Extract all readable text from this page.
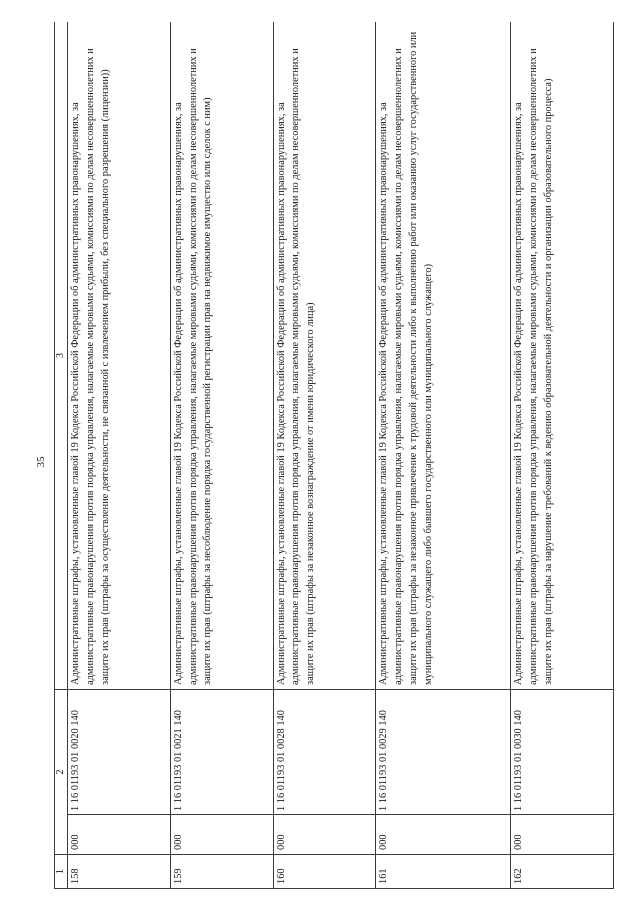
35
1	2		3
158	000	1 16 01193 01 0020 140	Административные штрафы, установленные главой 19 Кодекса Российской Федерации об административных правонарушениях, за административные правонарушения против порядка управления, налагаемые мировыми судьями, комиссиями по делам несовершеннолетних и защите их прав (штрафы за осуществление деятельности, не связанной с извлечением прибыли, без специального разрешения (лицензии))
159	000	1 16 01193 01 0021 140	Административные штрафы, установленные главой 19 Кодекса Российской Федерации об административных правонарушениях, за административные правонарушения против порядка управления, налагаемые мировыми судьями, комиссиями по делам несовершеннолетних и защите их прав (штрафы за несоблюдение порядка государственной регистрации прав на недвижимое имущество или сделок с ним)
160	000	1 16 01193 01 0028 140	Административные штрафы, установленные главой 19 Кодекса Российской Федерации об административных правонарушениях, за административные правонарушения против порядка управления, налагаемые мировыми судьями, комиссиями по делам несовершеннолетних и защите их прав (штрафы за незаконное вознаграждение от имени юридического лица)
161	000	1 16 01193 01 0029 140	Административные штрафы, установленные главой 19 Кодекса Российской Федерации об административных правонарушениях, за административные правонарушения против порядка управления, налагаемые мировыми судьями, комиссиями по делам несовершеннолетних и защите их прав (штрафы за незаконное привлечение к трудовой деятельности либо к выполнению работ или оказанию услуг государственного или муниципального служащего либо бывшего государственного или муниципального служащего)
162	000	1 16 01193 01 0030 140	Административные штрафы, установленные главой 19 Кодекса Российской Федерации об административных правонарушениях, за административные правонарушения против порядка управления, налагаемые мировыми судьями, комиссиями по делам несовершеннолетних и защите их прав (штрафы за нарушение требований к ведению образовательной деятельности и организации образовательного процесса)
